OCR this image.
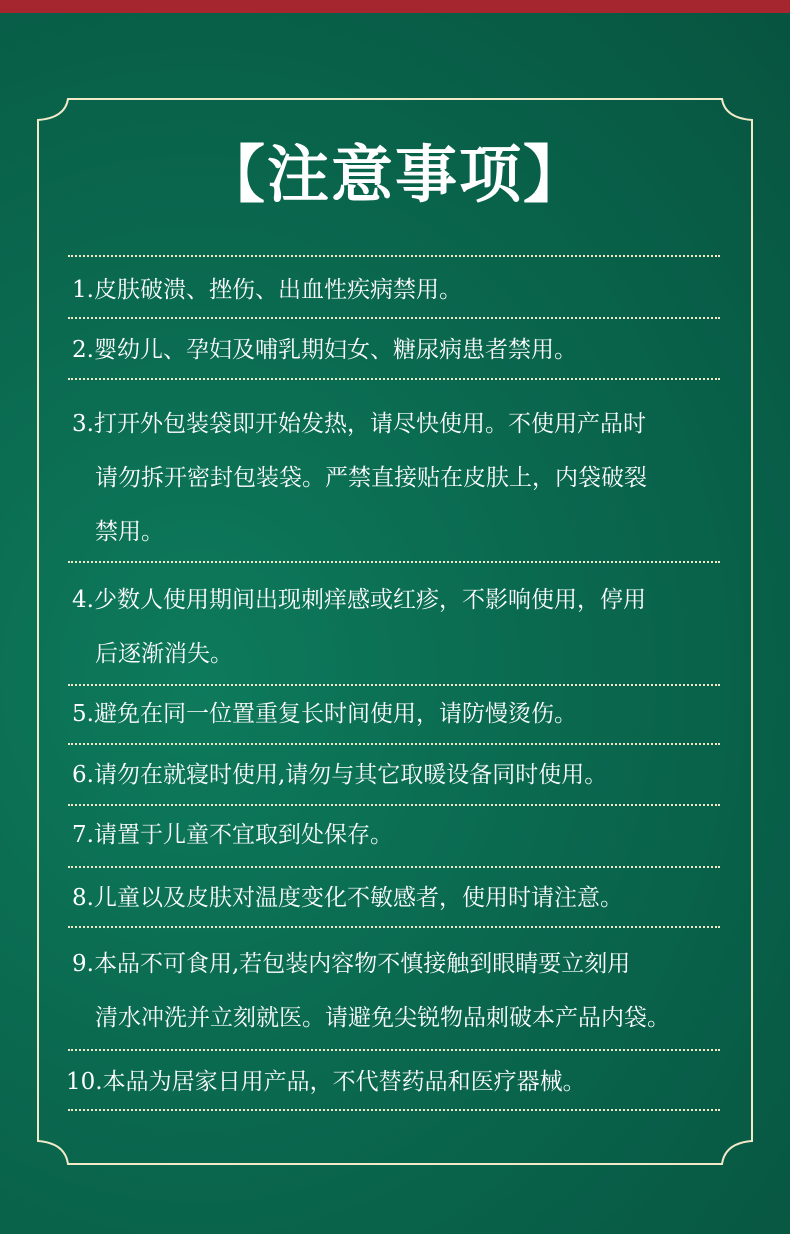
【注意事项】
1.皮肤破溃、挫伤、出血性疾病禁用。
2.婴幼儿、孕妇及哺乳期妇女、糖尿病患者禁用。
3.打开外包装袋即开始发热，请尽快使用。不使用产品时
请勿拆开密封包装袋。严禁直接贴在皮肤上，内袋破裂
禁用。
4.少数人使用期间出现刺痒感或红疹，不影响使用，停用
后逐渐消失。
5.避免在同一位置重复长时间使用，请防慢烫伤。
6.请勿在就寝时使用,请勿与其它取暖设备同时使用。
7.请置于儿童不宜取到处保存。
8.儿童以及皮肤对温度变化不敏感者，使用时请注意。
9.本品不可食用,若包装内容物不慎接触到眼睛要立刻用
清水冲洗并立刻就医。请避免尖锐物品刺破本产品内袋。
10.本品为居家日用产品，不代替药品和医疗器械。
